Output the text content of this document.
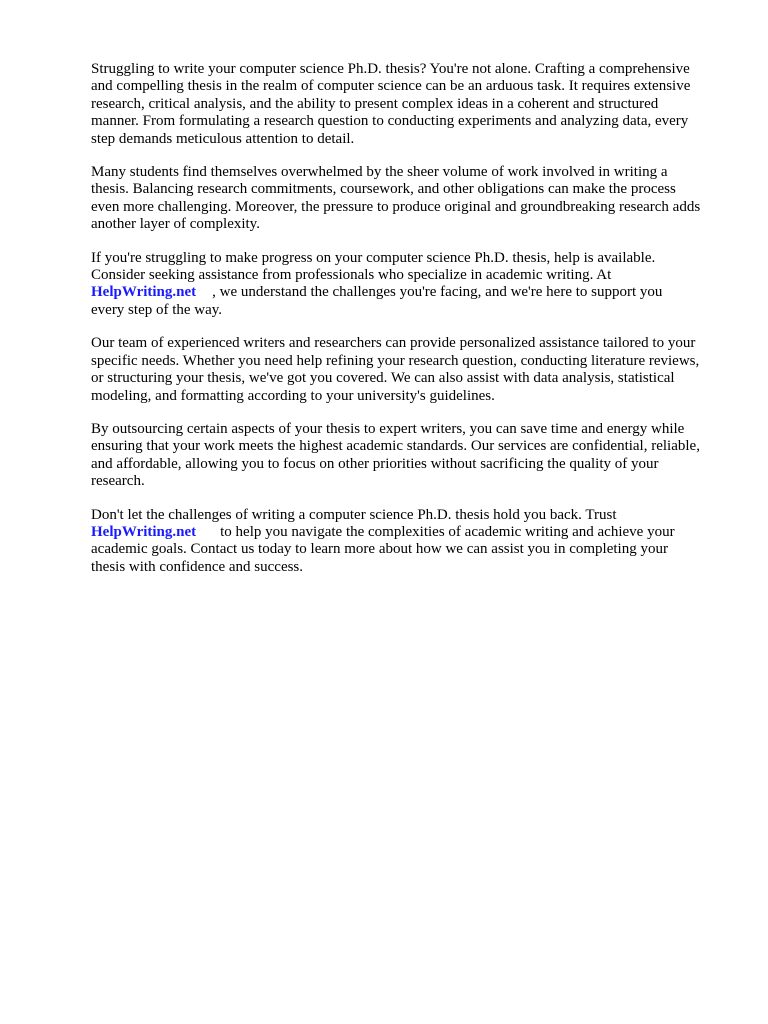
Struggling to write your computer science Ph.D. thesis? You're not alone. Crafting a comprehensive
and compelling thesis in the realm of computer science can be an arduous task. It requires extensive
research, critical analysis, and the ability to present complex ideas in a coherent and structured
manner. From formulating a research question to conducting experiments and analyzing data, every
step demands meticulous attention to detail.

Many students find themselves overwhelmed by the sheer volume of work involved in writing a
thesis. Balancing research commitments, coursework, and other obligations can make the process
even more challenging. Moreover, the pressure to produce original and groundbreaking research adds
another layer of complexity.

If you're struggling to make progress on your computer science Ph.D. thesis, help is available.
Consider seeking assistance from professionals who specialize in academic writing. At
HelpWriting.net , we understand the challenges you're facing, and we're here to support you
every step of the way.

Our team of experienced writers and researchers can provide personalized assistance tailored to your
specific needs. Whether you need help refining your research question, conducting literature reviews,
or structuring your thesis, we've got you covered. We can also assist with data analysis, statistical
modeling, and formatting according to your university's guidelines.

By outsourcing certain aspects of your thesis to expert writers, you can save time and energy while
ensuring that your work meets the highest academic standards. Our services are confidential, reliable,
and affordable, allowing you to focus on other priorities without sacrificing the quality of your
research.

Don't let the challenges of writing a computer science Ph.D. thesis hold you back. Trust
HelpWriting.net to help you navigate the complexities of academic writing and achieve your
academic goals. Contact us today to learn more about how we can assist you in completing your
thesis with confidence and success.
